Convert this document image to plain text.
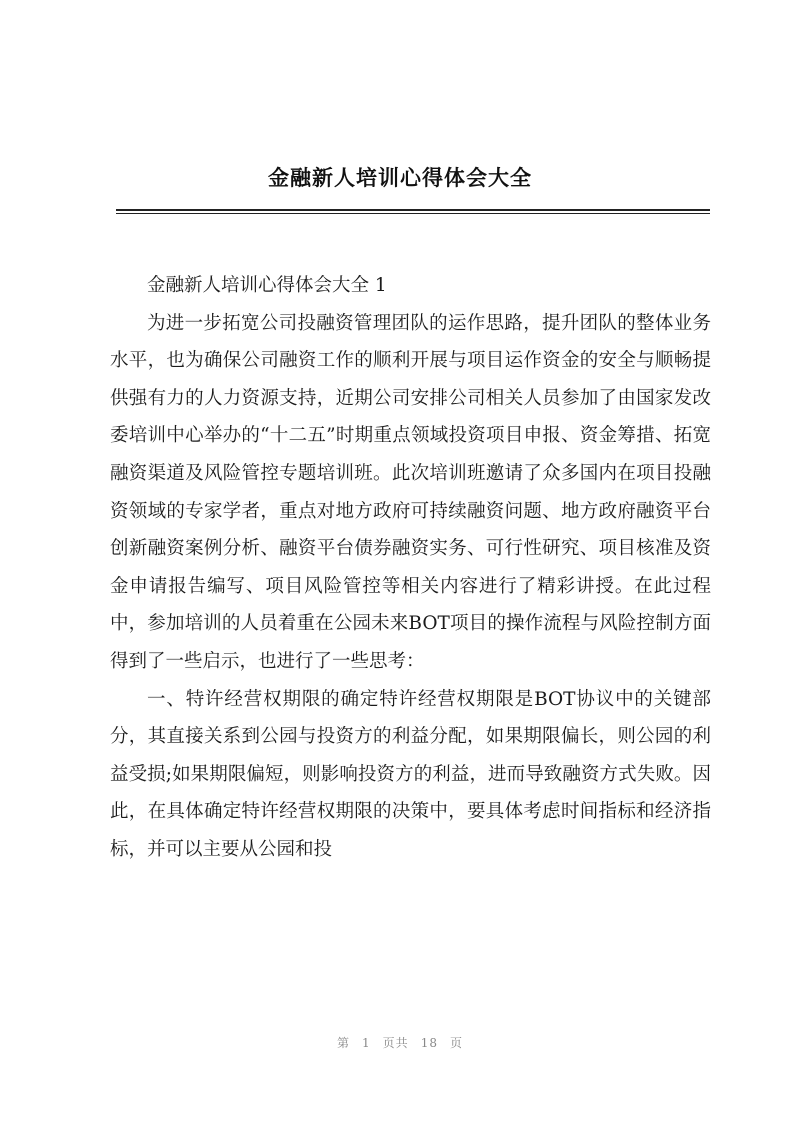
金融新人培训心得体会大全

金融新人培训心得体会大全 1

为进一步拓宽公司投融资管理团队的运作思路，提升团队的整体业务水平，也为确保公司融资工作的顺利开展与项目运作资金的安全与顺畅提供强有力的人力资源支持，近期公司安排公司相关人员参加了由国家发改委培训中心举办的“十二五”时期重点领域投资项目申报、资金筹措、拓宽融资渠道及风险管控专题培训班。此次培训班邀请了众多国内在项目投融资领域的专家学者，重点对地方政府可持续融资问题、地方政府融资平台创新融资案例分析、融资平台债券融资实务、可行性研究、项目核准及资金申请报告编写、项目风险管控等相关内容进行了精彩讲授。在此过程中，参加培训的人员着重在公园未来BOT项目的操作流程与风险控制方面得到了一些启示，也进行了一些思考：

一、特许经营权期限的确定特许经营权期限是BOT协议中的关键部分，其直接关系到公园与投资方的利益分配，如果期限偏长，则公园的利益受损;如果期限偏短，则影响投资方的利益，进而导致融资方式失败。因此，在具体确定特许经营权期限的决策中，要具体考虑时间指标和经济指标，并可以主要从公园和投

第 1 页共 18 页
